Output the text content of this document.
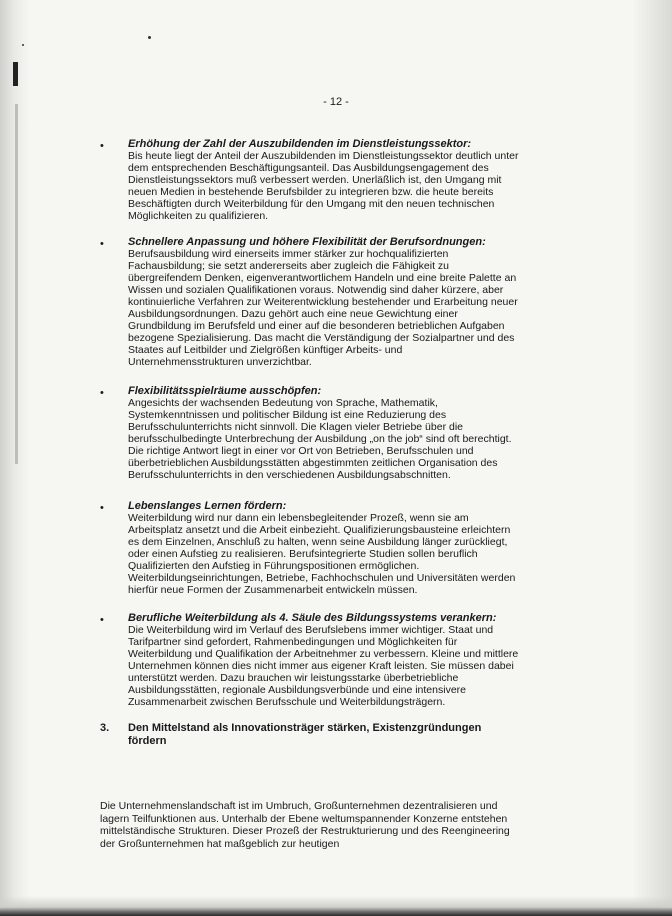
- 12 -
• Erhöhung der Zahl der Auszubildenden im Dienstleistungssektor:
Bis heute liegt der Anteil der Auszubildenden im Dienstleistungssektor deutlich unter dem entsprechenden Beschäftigungsanteil. Das Ausbildungsengagement des Dienstleistungssektors muß verbessert werden. Unerläßlich ist, den Umgang mit neuen Medien in bestehende Berufsbilder zu integrieren bzw. die heute bereits Beschäftigten durch Weiterbildung für den Umgang mit den neuen technischen Möglichkeiten zu qualifizieren.
• Schnellere Anpassung und höhere Flexibilität der Berufsordnungen:
Berufsausbildung wird einerseits immer stärker zur hochqualifizierten Fachausbildung; sie setzt andererseits aber zugleich die Fähigkeit zu übergreifendem Denken, eigenverantwortlichem Handeln und eine breite Palette an Wissen und sozialen Qualifikationen voraus. Notwendig sind daher kürzere, aber kontinuierliche Verfahren zur Weiterentwicklung bestehender und Erarbeitung neuer Ausbildungsordnungen. Dazu gehört auch eine neue Gewichtung einer Grundbildung im Berufsfeld und einer auf die besonderen betrieblichen Aufgaben bezogene Spezialisierung. Das macht die Verständigung der Sozialpartner und des Staates auf Leitbilder und Zielgrößen künftiger Arbeits- und Unternehmensstrukturen unverzichtbar.
• Flexibilitätsspielräume ausschöpfen:
Angesichts der wachsenden Bedeutung von Sprache, Mathematik, Systemkenntnissen und politischer Bildung ist eine Reduzierung des Berufsschulunterrichts nicht sinnvoll. Die Klagen vieler Betriebe über die berufsschulbedingte Unterbrechung der Ausbildung „on the job“ sind oft berechtigt. Die richtige Antwort liegt in einer vor Ort von Betrieben, Berufsschulen und überbetrieblichen Ausbildungsstätten abgestimmten zeitlichen Organisation des Berufsschulunterrichts in den verschiedenen Ausbildungsabschnitten.
• Lebenslanges Lernen fördern:
Weiterbildung wird nur dann ein lebensbegleitender Prozeß, wenn sie am Arbeitsplatz ansetzt und die Arbeit einbezieht. Qualifizierungsbausteine erleichtern es dem Einzelnen, Anschluß zu halten, wenn seine Ausbildung länger zurückliegt, oder einen Aufstieg zu realisieren. Berufsintegrierte Studien sollen beruflich Qualifizierten den Aufstieg in Führungspositionen ermöglichen. Weiterbildungseinrichtungen, Betriebe, Fachhochschulen und Universitäten werden hierfür neue Formen der Zusammenarbeit entwickeln müssen.
• Berufliche Weiterbildung als 4. Säule des Bildungssystems verankern:
Die Weiterbildung wird im Verlauf des Berufslebens immer wichtiger. Staat und Tarifpartner sind gefordert, Rahmenbedingungen und Möglichkeiten für Weiterbildung und Qualifikation der Arbeitnehmer zu verbessern. Kleine und mittlere Unternehmen können dies nicht immer aus eigener Kraft leisten. Sie müssen dabei unterstützt werden. Dazu brauchen wir leistungsstarke überbetriebliche Ausbildungsstätten, regionale Ausbildungsverbünde und eine intensivere Zusammenarbeit zwischen Berufsschule und Weiterbildungsträgern.
3. Den Mittelstand als Innovationsträger stärken, Existenzgründungen fördern
Die Unternehmenslandschaft ist im Umbruch, Großunternehmen dezentralisieren und lagern Teilfunktionen aus. Unterhalb der Ebene weltumspannender Konzerne entstehen mittelständische Strukturen. Dieser Prozeß der Restrukturierung und des Reengineering der Großunternehmen hat maßgeblich zur heutigen
